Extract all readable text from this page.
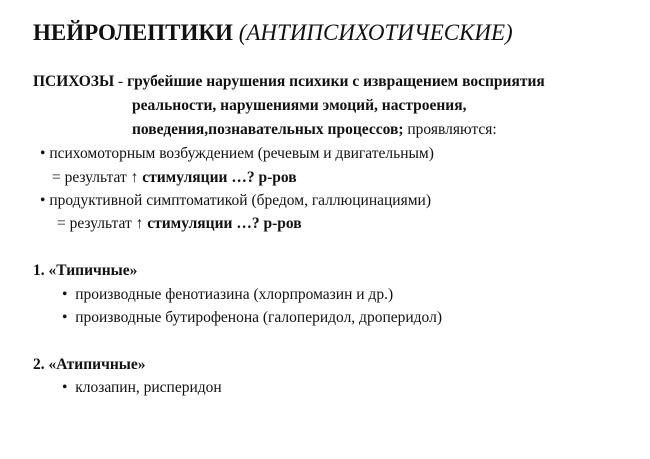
НЕЙРОЛЕПТИКИ (АНТИПСИХОТИЧЕСКИЕ)
ПСИХОЗЫ - грубейшие нарушения психики с извращением восприятия
реальности, нарушениями эмоций, настроения,
поведения,познавательных процессов; проявляются:
• психомоторным возбуждением (речевым и двигательным)
= результат ↑ стимуляции …? р-ров
• продуктивной симптоматикой (бредом, галлюцинациями)
= результат ↑ стимуляции …? р-ров
1. «Типичные»
• производные фенотиазина (хлорпромазин и др.)
• производные бутирофенона (галоперидол, дроперидол)
2. «Атипичные»
• клозапин, рисперидон
